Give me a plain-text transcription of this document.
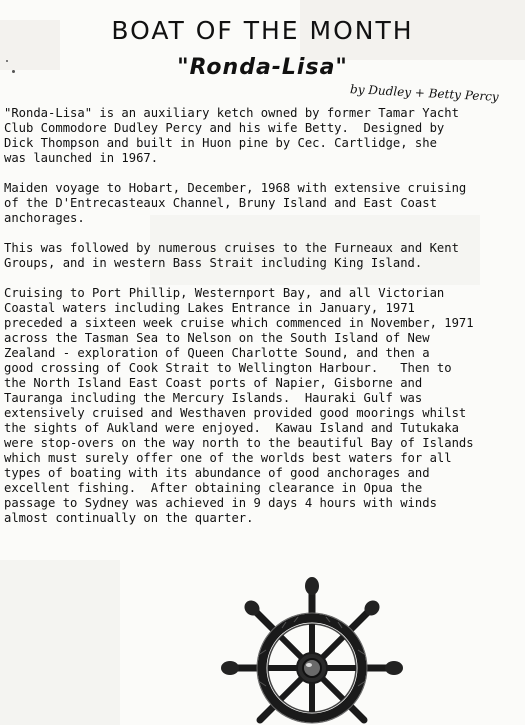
BOAT OF THE MONTH
"Ronda-Lisa"
by Dudley + Betty Percy

"Ronda-Lisa" is an auxiliary ketch owned by former Tamar Yacht
Club Commodore Dudley Percy and his wife Betty.  Designed by
Dick Thompson and built in Huon pine by Cec. Cartlidge, she
was launched in 1967.

Maiden voyage to Hobart, December, 1968 with extensive cruising
of the D'Entrecasteaux Channel, Bruny Island and East Coast
anchorages.

This was followed by numerous cruises to the Furneaux and Kent
Groups, and in western Bass Strait including King Island.

Cruising to Port Phillip, Westernport Bay, and all Victorian
Coastal waters including Lakes Entrance in January, 1971
preceded a sixteen week cruise which commenced in November, 1971
across the Tasman Sea to Nelson on the South Island of New
Zealand - exploration of Queen Charlotte Sound, and then a
good crossing of Cook Strait to Wellington Harbour.   Then to
the North Island East Coast ports of Napier, Gisborne and
Tauranga including the Mercury Islands.  Hauraki Gulf was
extensively cruised and Westhaven provided good moorings whilst
the sights of Aukland were enjoyed.  Kawau Island and Tutukaka
were stop-overs on the way north to the beautiful Bay of Islands
which must surely offer one of the worlds best waters for all
types of boating with its abundance of good anchorages and
excellent fishing.  After obtaining clearance in Opua the
passage to Sydney was achieved in 9 days 4 hours with winds
almost continually on the quarter.
